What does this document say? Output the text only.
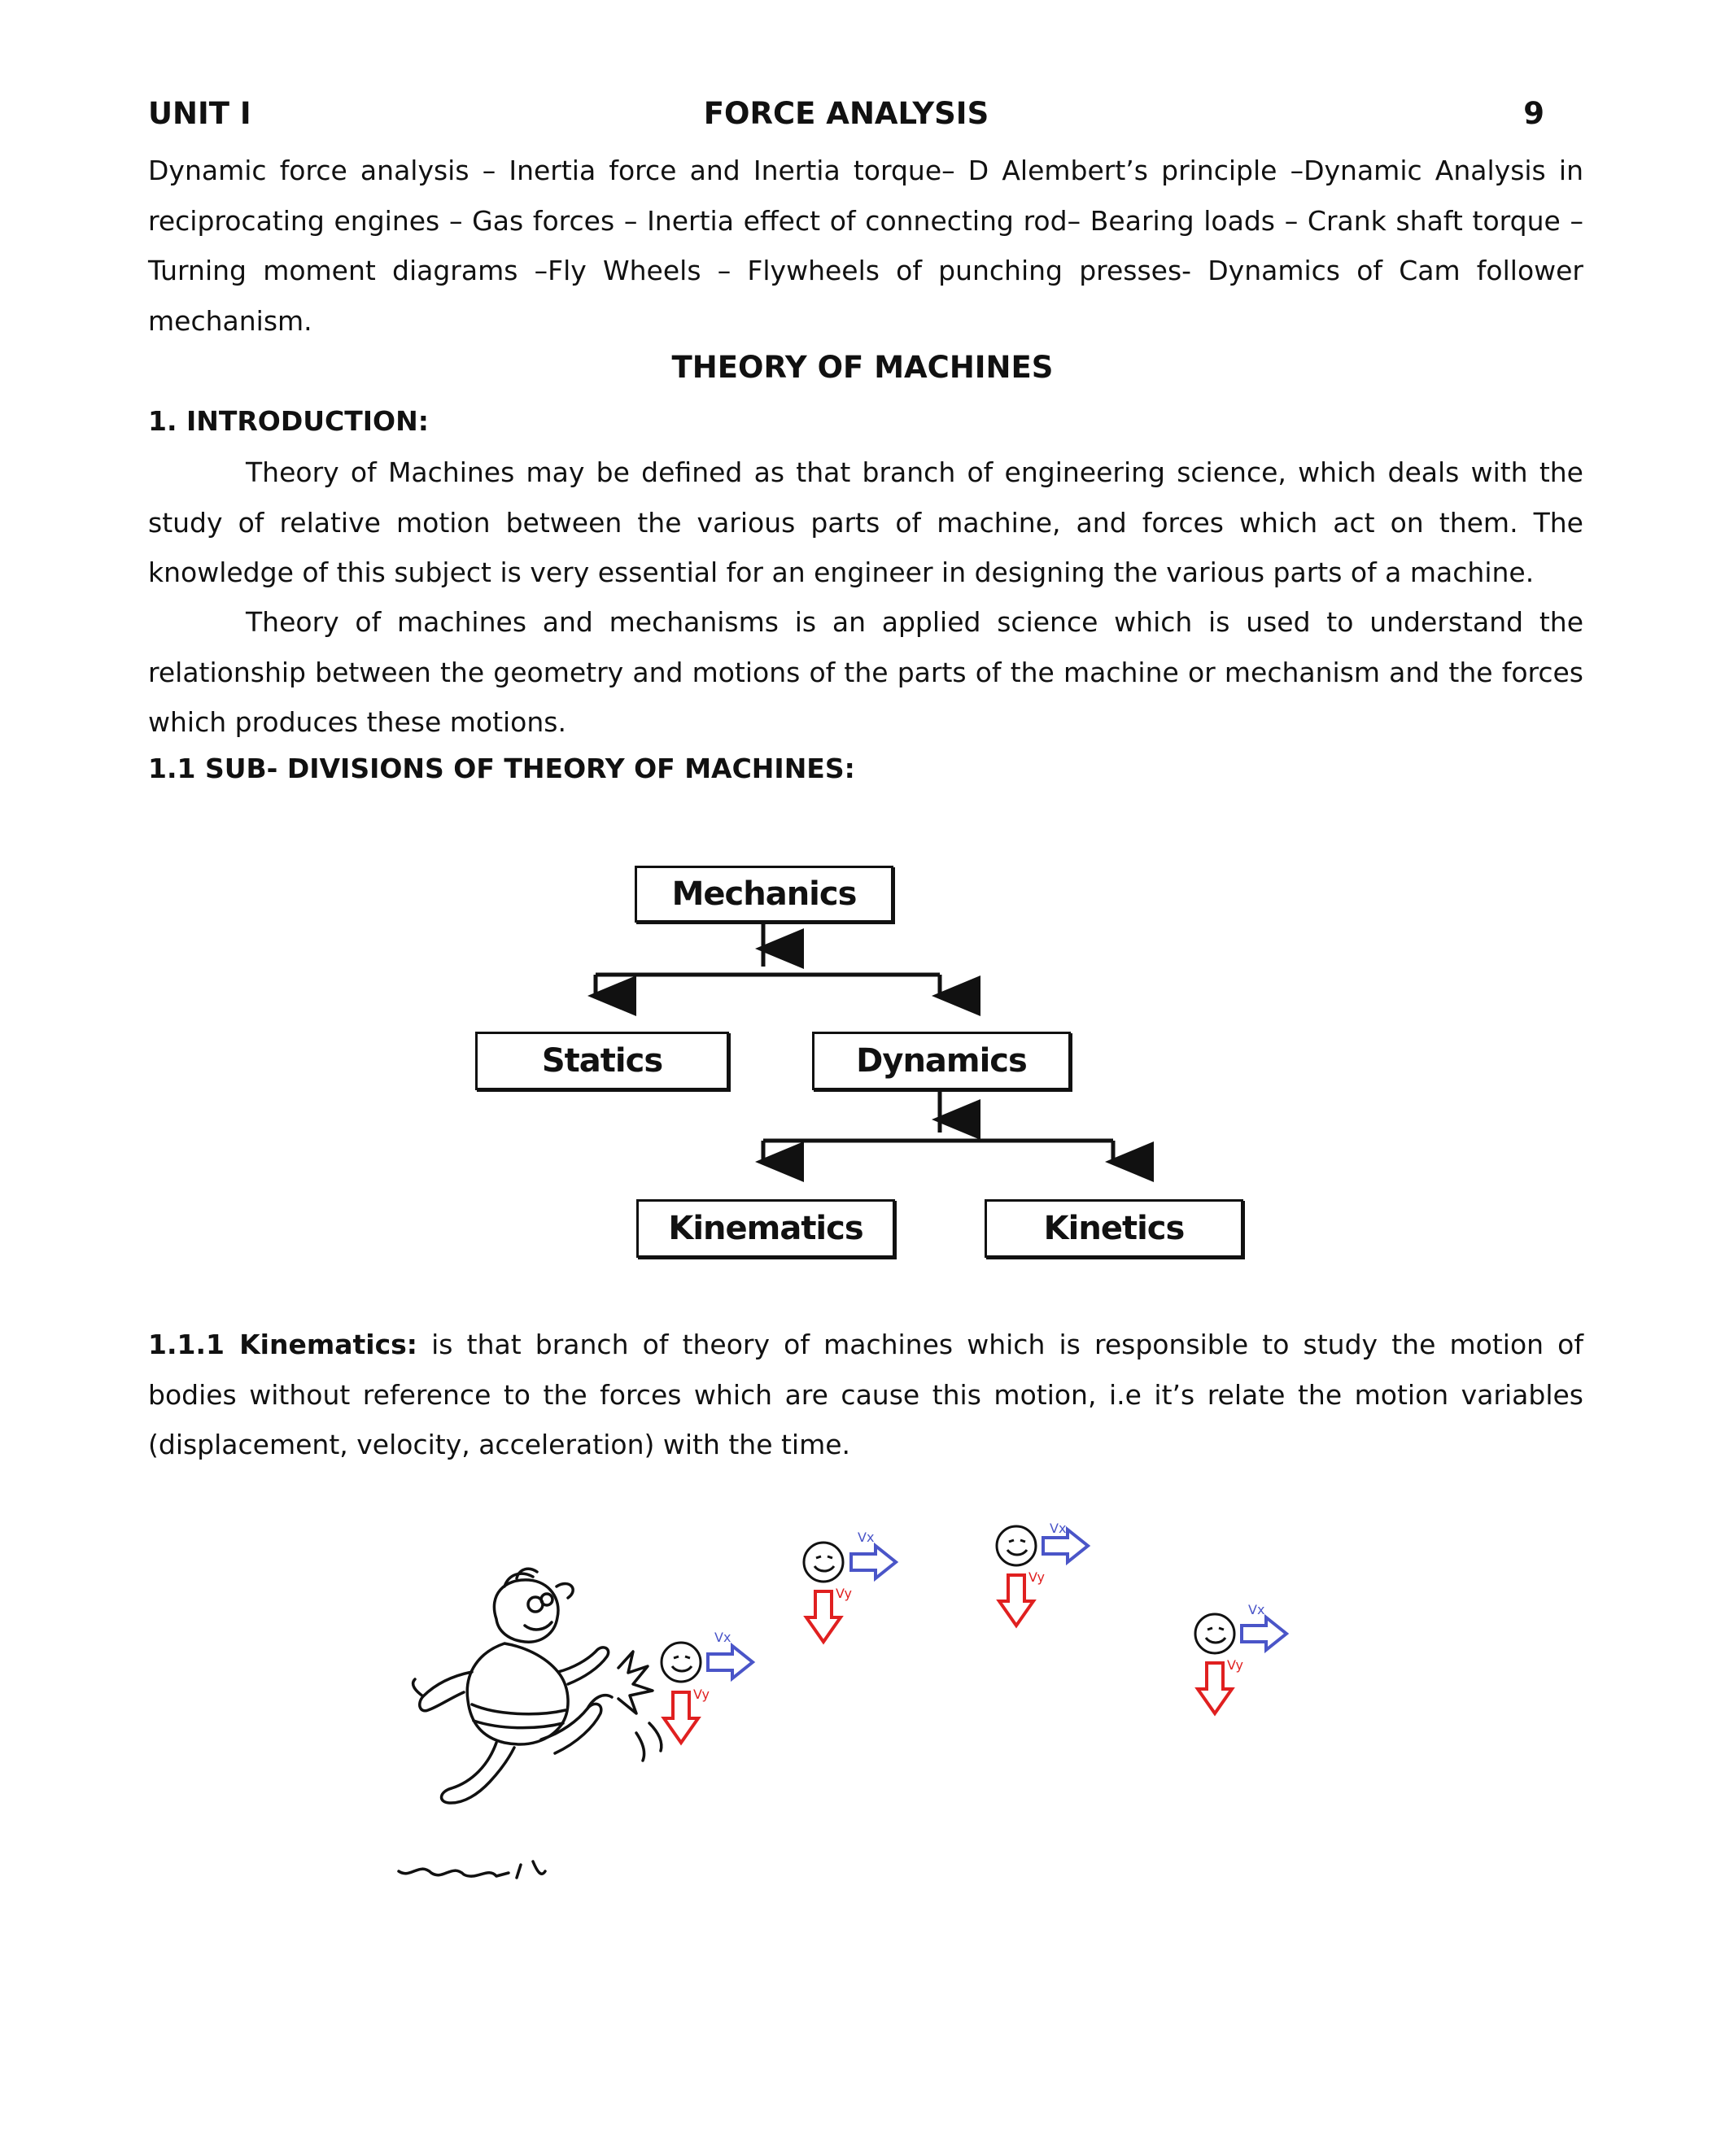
UNIT I	FORCE ANALYSIS	9

Dynamic force analysis – Inertia force and Inertia torque– D Alembert’s principle –Dynamic Analysis in reciprocating engines – Gas forces – Inertia effect of connecting rod– Bearing loads – Crank shaft torque – Turning moment diagrams –Fly Wheels – Flywheels of punching presses- Dynamics of Cam follower mechanism.

THEORY OF MACHINES
1. INTRODUCTION:

Theory of Machines may be defined as that branch of engineering science, which deals with the study of relative motion between the various parts of machine, and forces which act on them. The knowledge of this subject is very essential for an engineer in designing the various parts of a machine.

Theory of machines and mechanisms is an applied science which is used to understand the relationship between the geometry and motions of the parts of the machine or mechanism and the forces which produces these motions.

1.1 SUB- DIVISIONS OF THEORY OF MACHINES:
Mechanics
Statics	Dynamics
Kinematics	Kinetics

1.1.1 Kinematics: is that branch of theory of machines which is responsible to study the motion of bodies without reference to the forces which are cause this motion, i.e it’s relate the motion variables (displacement, velocity, acceleration) with the time.

Vx
Vx
Vx
Vx
Vy
Vy
Vy
Vy
